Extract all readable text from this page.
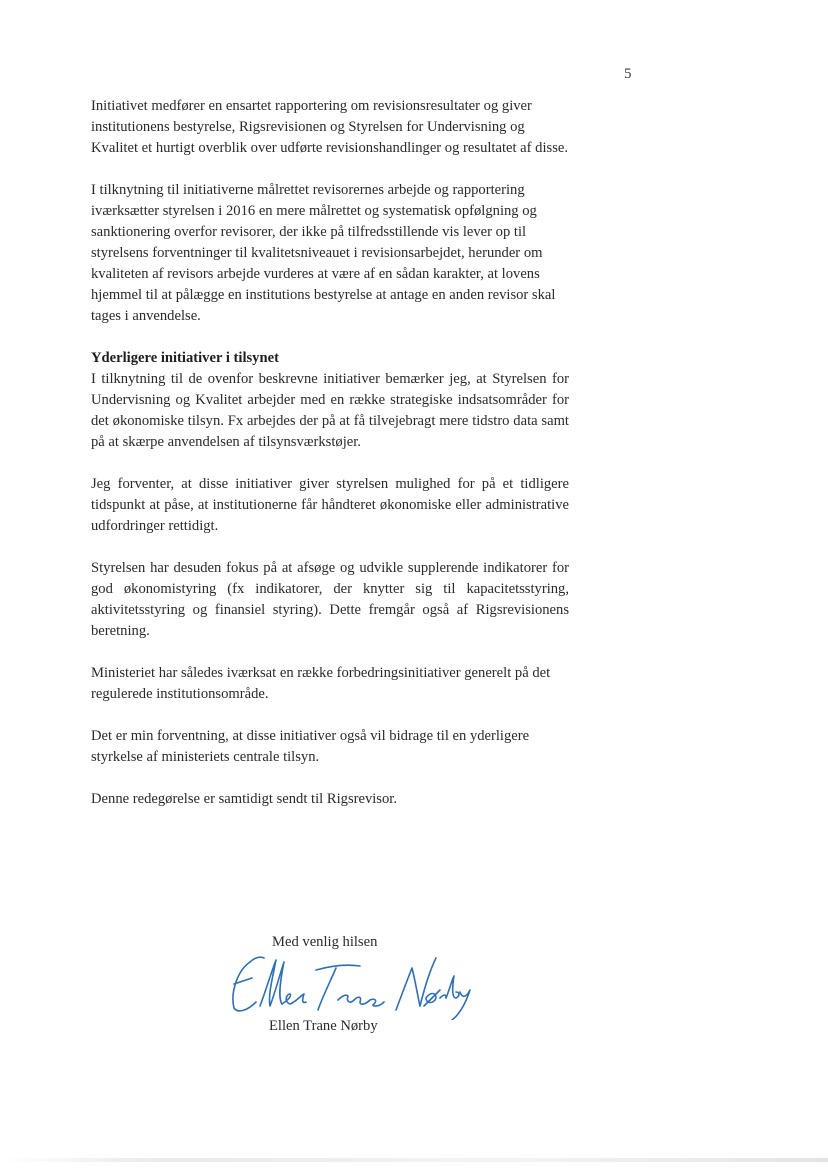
5

Initiativet medfører en ensartet rapportering om revisionsresultater og giver institutionens bestyrelse, Rigsrevisionen og Styrelsen for Undervisning og Kvalitet et hurtigt overblik over udførte revisionshandlinger og resultatet af disse.

I tilknytning til initiativerne målrettet revisorernes arbejde og rapportering iværksætter styrelsen i 2016 en mere målrettet og systematisk opfølgning og sanktionering overfor revisorer, der ikke på tilfredsstillende vis lever op til styrelsens forventninger til kvalitetsniveauet i revisionsarbejdet, herunder om kvaliteten af revisors arbejde vurderes at være af en sådan karakter, at lovens hjemmel til at pålægge en institutions bestyrelse at antage en anden revisor skal tages i anvendelse.

Yderligere initiativer i tilsynet

I tilknytning til de ovenfor beskrevne initiativer bemærker jeg, at Styrelsen for Undervisning og Kvalitet arbejder med en række strategiske indsatsområder for det økonomiske tilsyn. Fx arbejdes der på at få tilvejebragt mere tidstro data samt på at skærpe anvendelsen af tilsynsværkstøjer.

Jeg forventer, at disse initiativer giver styrelsen mulighed for på et tidligere tidspunkt at påse, at institutionerne får håndteret økonomiske eller administrative udfordringer rettidigt.

Styrelsen har desuden fokus på at afsøge og udvikle supplerende indikatorer for god økonomistyring (fx indikatorer, der knytter sig til kapacitetsstyring, aktivitetsstyring og finansiel styring). Dette fremgår også af Rigsrevisionens beretning.

Ministeriet har således iværksat en række forbedringsinitiativer generelt på det regulerede institutionsområde.

Det er min forventning, at disse initiativer også vil bidrage til en yderligere styrkelse af ministeriets centrale tilsyn.

Denne redegørelse er samtidigt sendt til Rigsrevisor.

Med venlig hilsen
Ellen Trane Nørby
